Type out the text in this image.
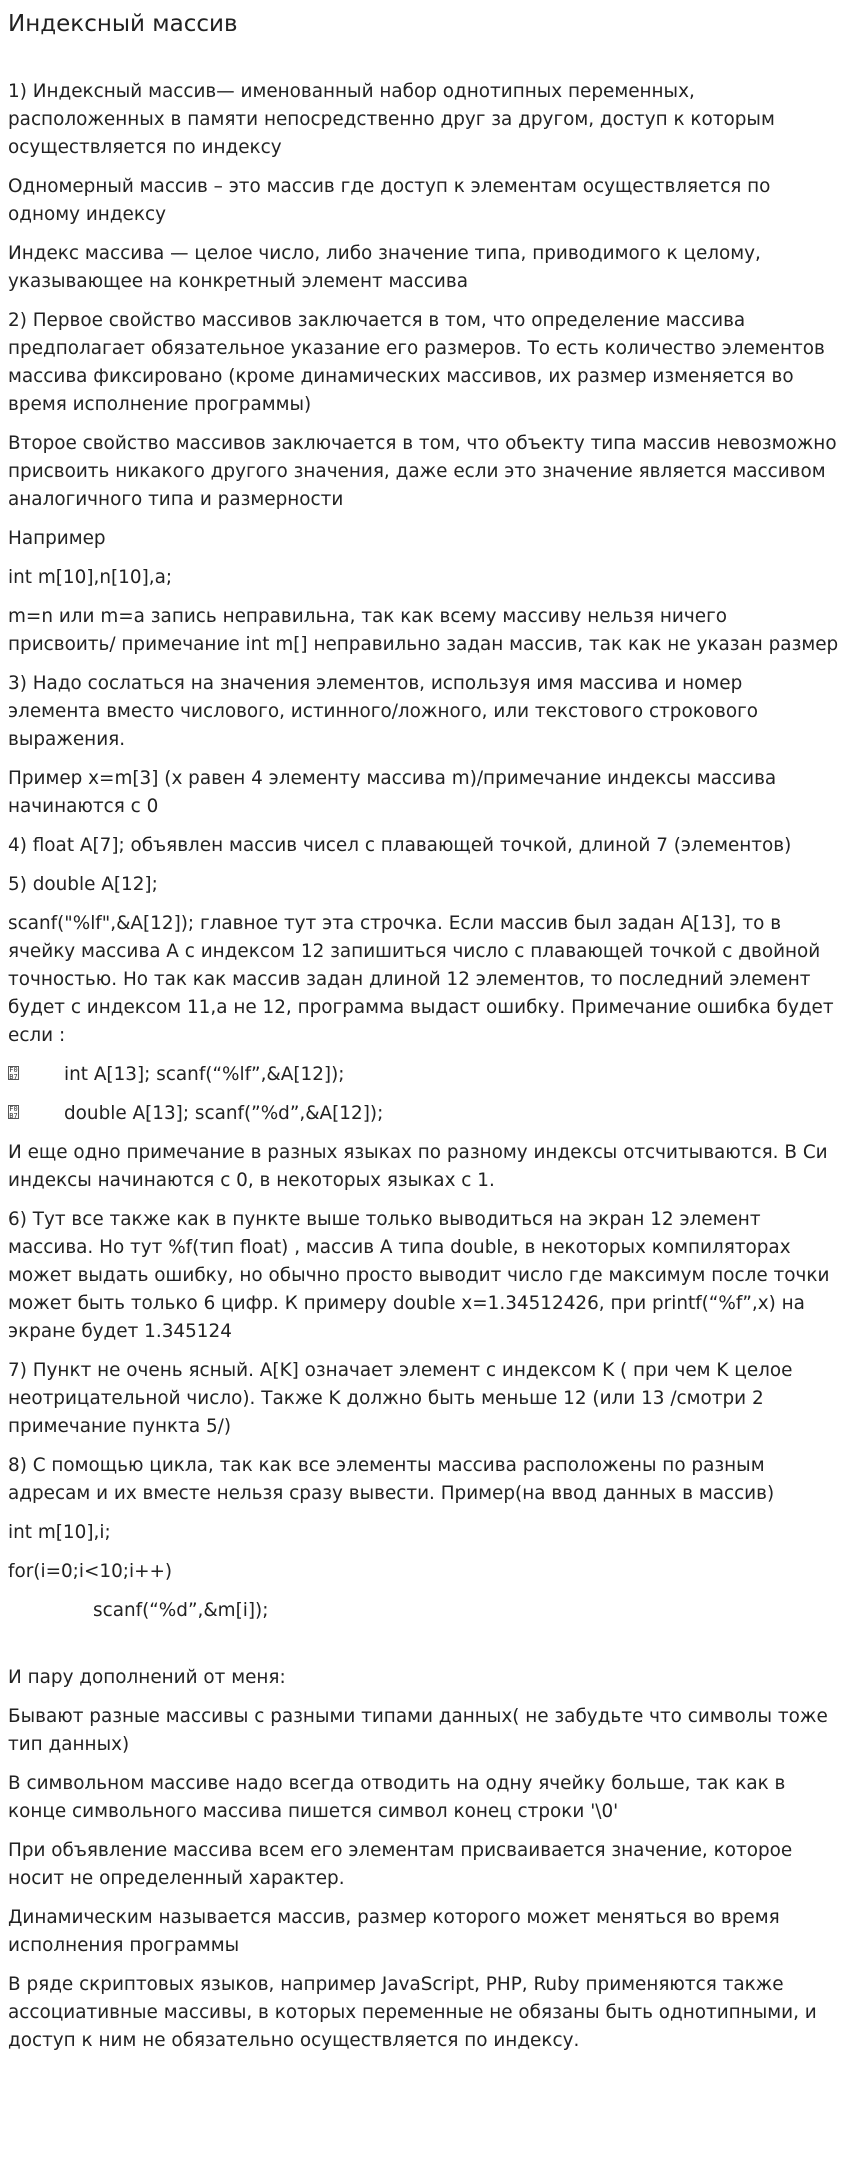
Индексный массив
1) Индексный массив— именованный набор однотипных переменных, расположенных в памяти непосредственно друг за другом, доступ к которым осуществляется по индексу
Одномерный массив – это массив где доступ к элементам осуществляется по одному индексу
Индекс массива — целое число, либо значение типа, приводимого к целому, указывающее на конкретный элемент массива
2) Первое свойство массивов заключается в том, что определение массива предполагает обязательное указание его размеров. То есть количество элементов массива фиксировано (кроме динамических массивов, их размер изменяется во время исполнение программы)
Второе свойство массивов заключается в том, что объекту типа массив невозможно присвоить никакого другого значения, даже если это значение является массивом аналогичного типа и размерности
Например
int m[10],n[10],a;
m=n или m=a запись неправильна, так как всему массиву нельзя ничего присвоить/ примечание int m[] неправильно задан массив, так как не указан размер
3) Надо сослаться на значения элементов, используя имя массива и номер элемента вместо числового, истинного/ложного, или текстового строкового выражения.
Пример x=m[3] (x равен 4 элементу массива m)/примечание индексы массива начинаются с 0
4) float A[7]; объявлен массив чисел с плавающей точкой, длиной 7 (элементов)
5) double A[12];
scanf("%lf",&A[12]); главное тут эта строчка. Если массив был задан A[13], то в ячейку массива A с индексом 12 запишиться число с плавающей точкой с двойной точностью. Но так как массив задан длиной 12 элементов, то последний элемент будет с индексом 11,а не 12, программа выдаст ошибку. Примечание ошибка будет если :
F0
B7	int A[13]; scanf(“%lf”,&A[12]);
F0
B7	double A[13]; scanf(”%d”,&A[12]);
И еще одно примечание в разных языках по разному индексы отсчитываются. В Си индексы начинаются с 0, в некоторых языках с 1.
6) Тут все также как в пункте выше только выводиться на экран 12 элемент массива. Но тут %f(тип float) , массив A типа double, в некоторых компиляторах может выдать ошибку, но обычно просто выводит число где максимум после точки может быть только 6 цифр. К примеру double x=1.34512426, при printf(“%f”,x) на экране будет 1.345124
7) Пункт не очень ясный. A[K] означает элемент с индексом K ( при чем K целое неотрицательной число). Также K должно быть меньше 12 (или 13 /смотри 2 примечание пункта 5/)
8) С помощью цикла, так как все элементы массива расположены по разным адресам и их вместе нельзя сразу вывести. Пример(на ввод данных в массив)
int m[10],i;
for(i=0;i<10;i++)
scanf(“%d”,&m[i]);
И пару дополнений от меня:
Бывают разные массивы с разными типами данных( не забудьте что символы тоже тип данных)
В символьном массиве надо всегда отводить на одну ячейку больше, так как в конце символьного массива пишется символ конец строки '\0'
При объявление массива всем его элементам присваивается значение, которое носит не определенный характер.
Динамическим называется массив, размер которого может меняться во время исполнения программы
В ряде скриптовых языков, например JavaScript, PHP, Ruby применяются также ассоциативные массивы, в которых переменные не обязаны быть однотипными, и доступ к ним не обязательно осуществляется по индексу.
